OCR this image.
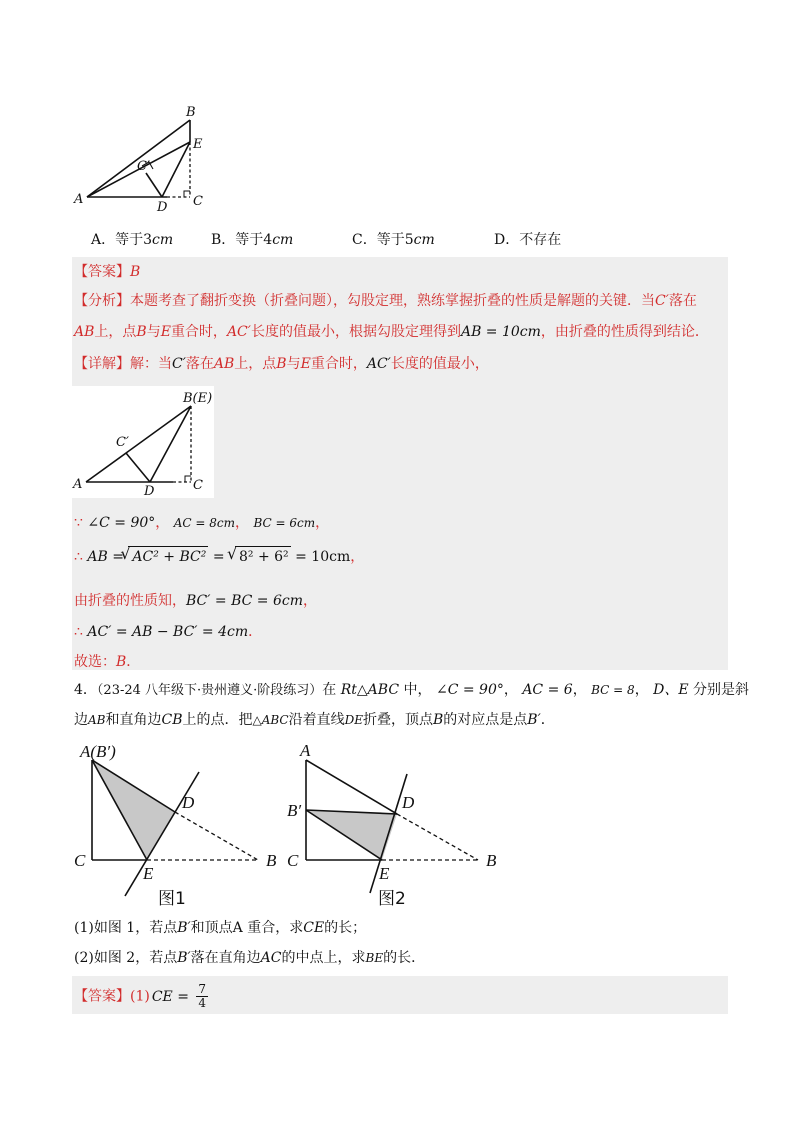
A
B
E
C′
D C
A．等于3cm	B．等于4cm	C．等于5cm	D．不存在
【答案】B
【分析】本题考查了翻折变换（折叠问题），勾股定理，熟练掌握折叠的性质是解题的关键．当C′落在
AB上，点B与E重合时，AC′长度的值最小，根据勾股定理得到AB = 10cm，由折叠的性质得到结论．
【详解】解：当C′落在AB上，点B与E重合时，AC′长度的值最小，
B(E)
C′
A	D	C
∵ ∠C = 90°， AC = 8cm， BC = 6cm，
∴ AB =
√ AC² + BC² = √ 8² + 6² = 10cm，
由折叠的性质知，BC′ = BC = 6cm，
∴ AC′ = AB − BC′ = 4cm．
故选：B．
4．（23-24 八年级下·贵州遵义·阶段练习）在 Rt△ABC 中， ∠C = 90°， AC = 6， BC = 8， D、E 分别是斜
边AB和直角边CB上的点．把△ABC沿着直线DE折叠，顶点B的对应点是点B′．
A(B′)
C
D
E
B
图1
A
B′
C
D
E
B
图2
(1)如图 1，若点B′和顶点A 重合，求CE的长；
(2)如图 2，若点B′落在直角边AC的中点上，求BE的长．
【答案】(1) CE = $\frac{7}{4}$
